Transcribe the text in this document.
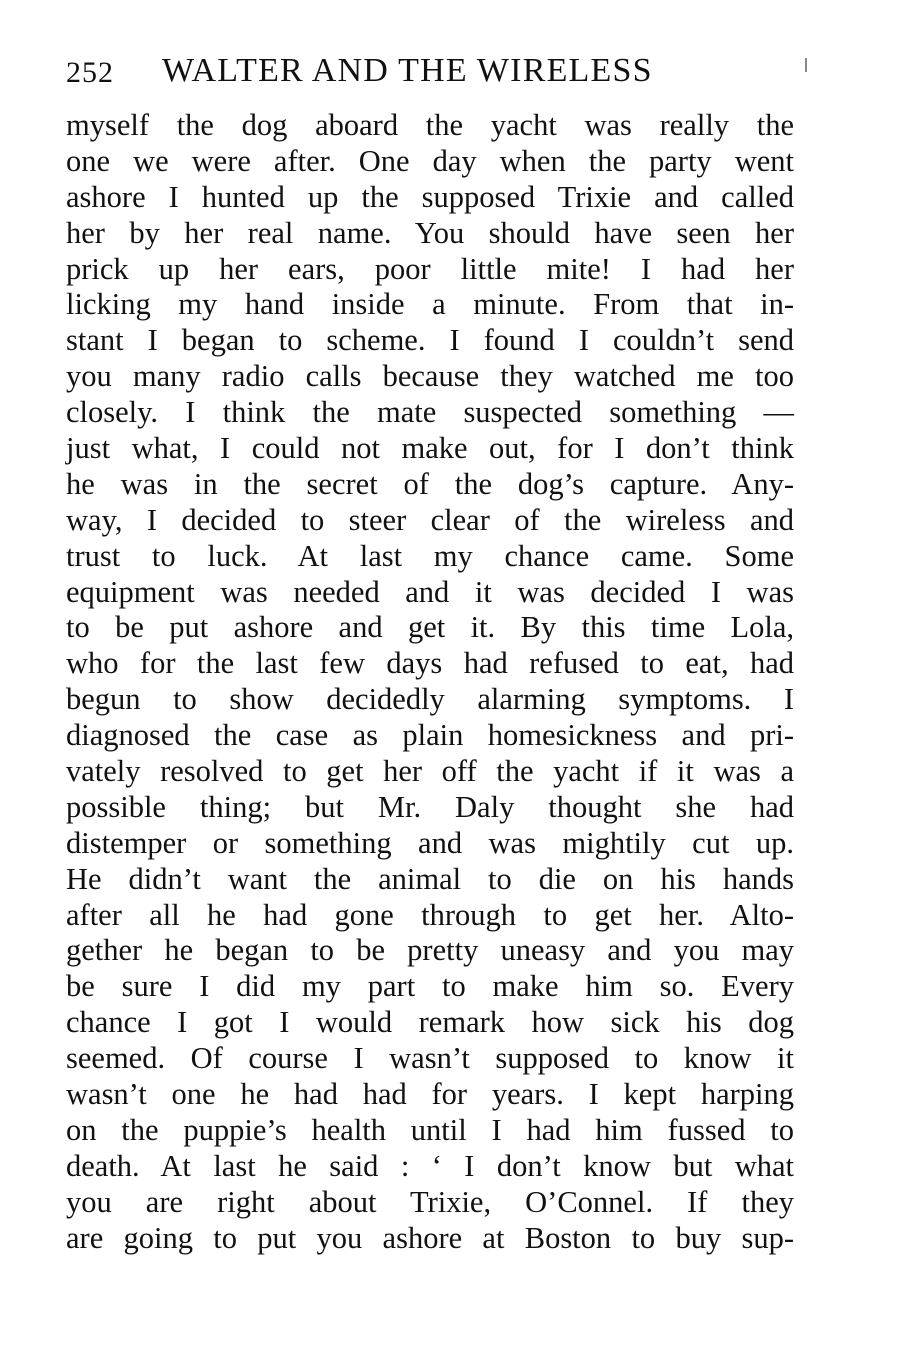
252 WALTER AND THE WIRELESS
myself the dog aboard the yacht was really the
one we were after. One day when the party went
ashore I hunted up the supposed Trixie and called
her by her real name. You should have seen her
prick up her ears, poor little mite! I had her
licking my hand inside a minute. From that in-
stant I began to scheme. I found I couldn’t send
you many radio calls because they watched me too
closely. I think the mate suspected something —
just what, I could not make out, for I don’t think
he was in the secret of the dog’s capture. Any-
way, I decided to steer clear of the wireless and
trust to luck. At last my chance came. Some
equipment was needed and it was decided I was
to be put ashore and get it. By this time Lola,
who for the last few days had refused to eat, had
begun to show decidedly alarming symptoms. I
diagnosed the case as plain homesickness and pri-
vately resolved to get her off the yacht if it was a
possible thing; but Mr. Daly thought she had
distemper or something and was mightily cut up.
He didn’t want the animal to die on his hands
after all he had gone through to get her. Alto-
gether he began to be pretty uneasy and you may
be sure I did my part to make him so. Every
chance I got I would remark how sick his dog
seemed. Of course I wasn’t supposed to know it
wasn’t one he had had for years. I kept harping
on the puppie’s health until I had him fussed to
death. At last he said : ‘ I don’t know but what
you are right about Trixie, O’Connel. If they
are going to put you ashore at Boston to buy sup-
